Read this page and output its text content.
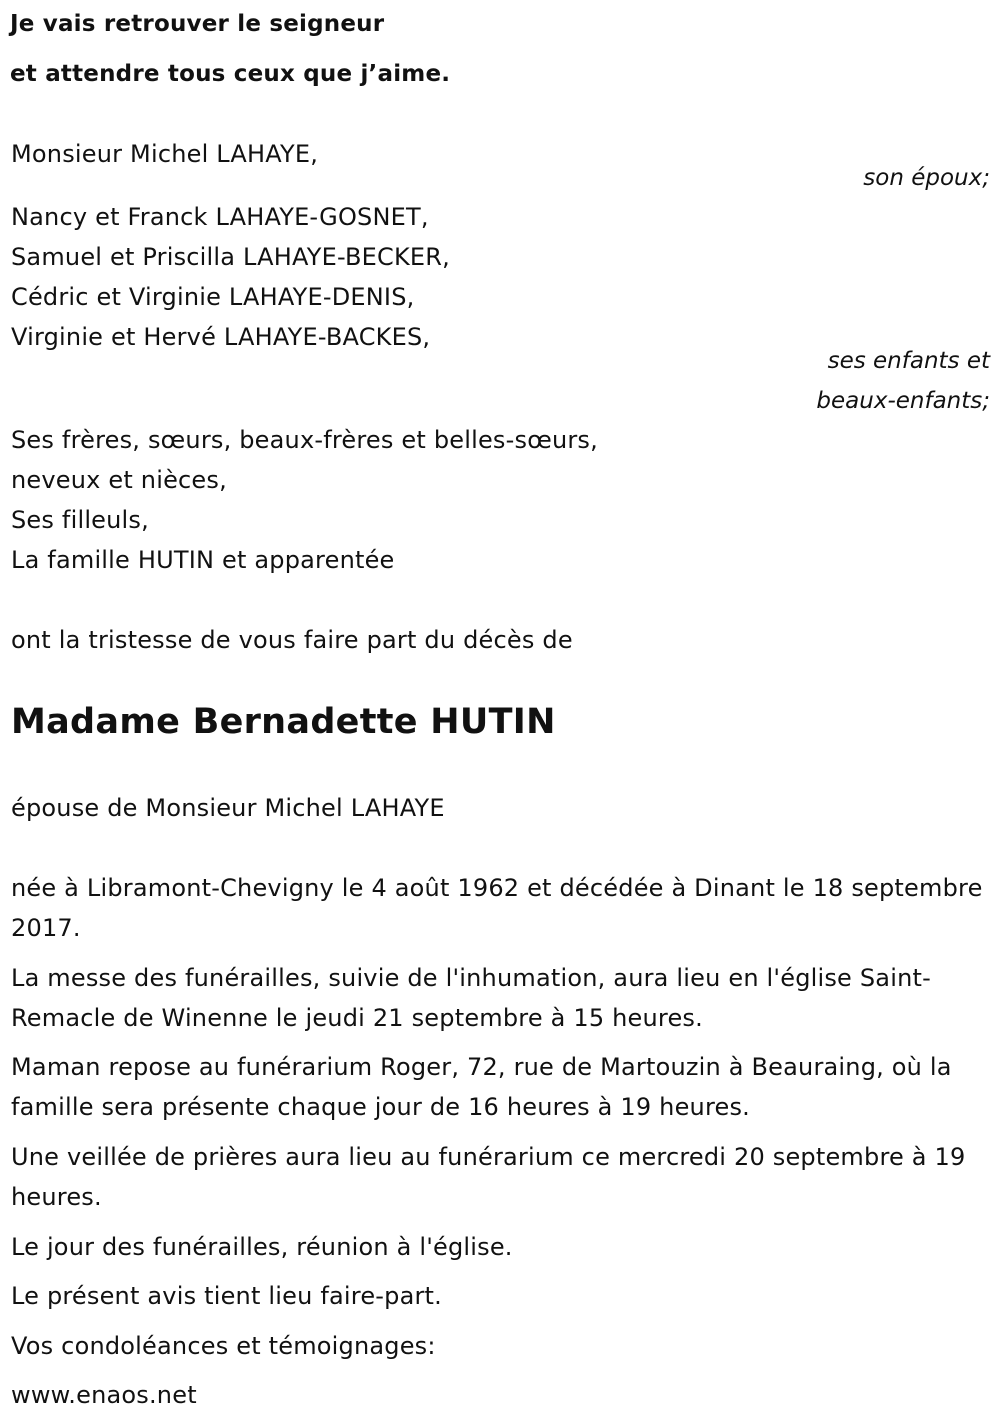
Je vais retrouver le seigneur
et attendre tous ceux que j’aime.
Monsieur Michel LAHAYE,
son époux;
Nancy et Franck LAHAYE-GOSNET,
Samuel et Priscilla LAHAYE-BECKER,
Cédric et Virginie LAHAYE-DENIS,
Virginie et Hervé LAHAYE-BACKES,
ses enfants et
beaux-enfants;
Ses frères, sœurs, beaux-frères et belles-sœurs,
neveux et nièces,
Ses filleuls,
La famille HUTIN et apparentée
ont la tristesse de vous faire part du décès de
Madame Bernadette HUTIN
épouse de Monsieur Michel LAHAYE
née à Libramont-Chevigny le 4 août 1962 et décédée à Dinant le 18 septembre 2017.
La messe des funérailles, suivie de l'inhumation, aura lieu en l'église Saint-Remacle de Winenne le jeudi 21 septembre à 15 heures.
Maman repose au funérarium Roger, 72, rue de Martouzin à Beauraing, où la famille sera présente chaque jour de 16 heures à 19 heures.
Une veillée de prières aura lieu au funérarium ce mercredi 20 septembre à 19 heures.
Le jour des funérailles, réunion à l'église.
Le présent avis tient lieu faire-part.
Vos condoléances et témoignages:
www.enaos.net
